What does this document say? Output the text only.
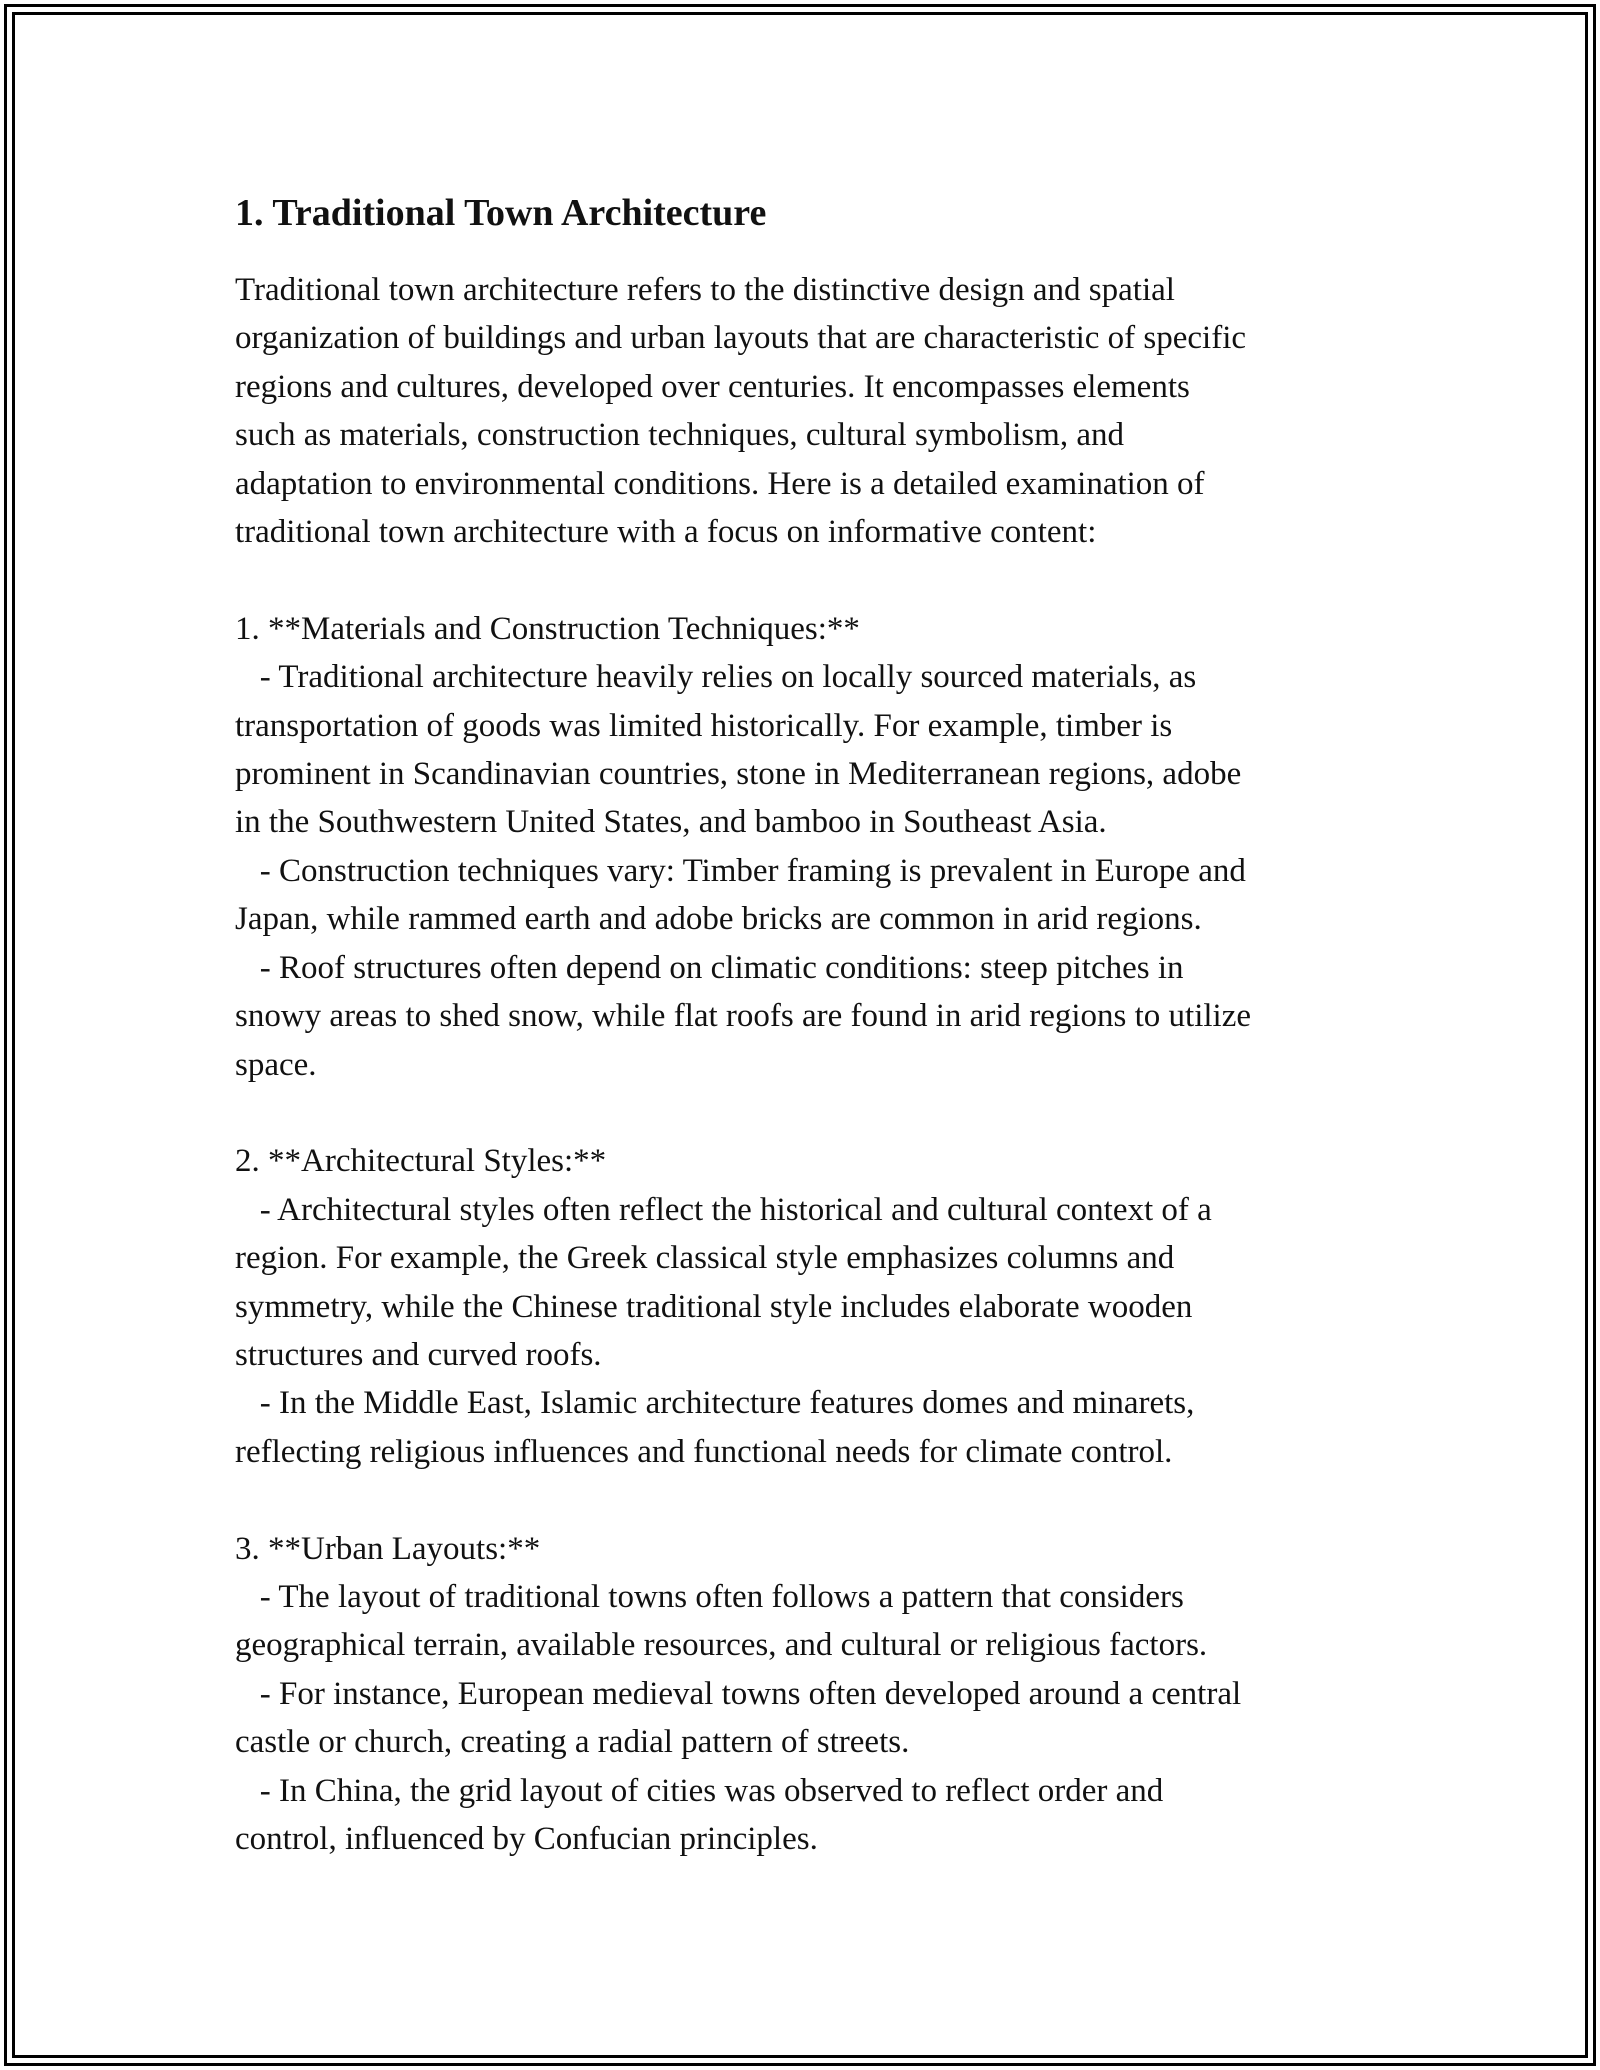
1. Traditional Town Architecture

Traditional town architecture refers to the distinctive design and spatial
organization of buildings and urban layouts that are characteristic of specific
regions and cultures, developed over centuries. It encompasses elements
such as materials, construction techniques, cultural symbolism, and
adaptation to environmental conditions. Here is a detailed examination of
traditional town architecture with a focus on informative content:

1. **Materials and Construction Techniques:**
- Traditional architecture heavily relies on locally sourced materials, as
transportation of goods was limited historically. For example, timber is
prominent in Scandinavian countries, stone in Mediterranean regions, adobe
in the Southwestern United States, and bamboo in Southeast Asia.
- Construction techniques vary: Timber framing is prevalent in Europe and
Japan, while rammed earth and adobe bricks are common in arid regions.
- Roof structures often depend on climatic conditions: steep pitches in
snowy areas to shed snow, while flat roofs are found in arid regions to utilize
space.

2. **Architectural Styles:**
- Architectural styles often reflect the historical and cultural context of a
region. For example, the Greek classical style emphasizes columns and
symmetry, while the Chinese traditional style includes elaborate wooden
structures and curved roofs.
- In the Middle East, Islamic architecture features domes and minarets,
reflecting religious influences and functional needs for climate control.

3. **Urban Layouts:**
- The layout of traditional towns often follows a pattern that considers
geographical terrain, available resources, and cultural or religious factors.
- For instance, European medieval towns often developed around a central
castle or church, creating a radial pattern of streets.
- In China, the grid layout of cities was observed to reflect order and
control, influenced by Confucian principles.
